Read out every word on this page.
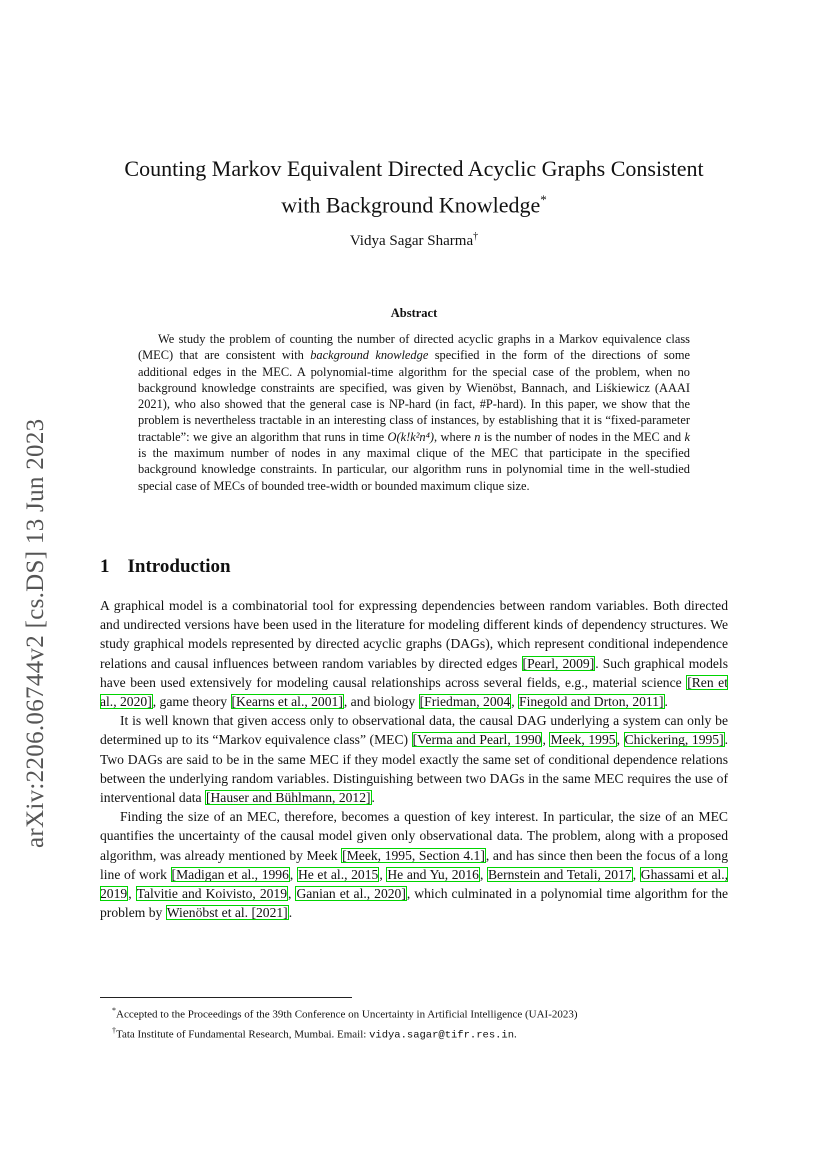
arXiv:2206.06744v2 [cs.DS] 13 Jun 2023
Counting Markov Equivalent Directed Acyclic Graphs Consistent
with Background Knowledge*
Vidya Sagar Sharma†
Abstract

We study the problem of counting the number of directed acyclic graphs in a Markov equivalence class (MEC) that are consistent with background knowledge specified in the form of the directions of some additional edges in the MEC. A polynomial-time algorithm for the special case of the problem, when no background knowledge constraints are specified, was given by Wienöbst, Bannach, and Liśkiewicz (AAAI 2021), who also showed that the general case is NP-hard (in fact, #P-hard). In this paper, we show that the problem is nevertheless tractable in an interesting class of instances, by establishing that it is “fixed-parameter tractable”: we give an algorithm that runs in time O(k!k²n⁴), where n is the number of nodes in the MEC and k is the maximum number of nodes in any maximal clique of the MEC that participate in the specified background knowledge constraints. In particular, our algorithm runs in polynomial time in the well-studied special case of MECs of bounded tree-width or bounded maximum clique size.

1 Introduction

A graphical model is a combinatorial tool for expressing dependencies between random variables. Both directed and undirected versions have been used in the literature for modeling different kinds of dependency structures. We study graphical models represented by directed acyclic graphs (DAGs), which represent conditional independence relations and causal influences between random variables by directed edges [Pearl, 2009]. Such graphical models have been used extensively for modeling causal relationships across several fields, e.g., material science [Ren et al., 2020], game theory [Kearns et al., 2001], and biology [Friedman, 2004, Finegold and Drton, 2011].

It is well known that given access only to observational data, the causal DAG underlying a system can only be determined up to its “Markov equivalence class” (MEC) [Verma and Pearl, 1990, Meek, 1995, Chickering, 1995]. Two DAGs are said to be in the same MEC if they model exactly the same set of conditional dependence relations between the underlying random variables. Distinguishing between two DAGs in the same MEC requires the use of interventional data [Hauser and Bühlmann, 2012].

Finding the size of an MEC, therefore, becomes a question of key interest. In particular, the size of an MEC quantifies the uncertainty of the causal model given only observational data. The problem, along with a proposed algorithm, was already mentioned by Meek [Meek, 1995, Section 4.1], and has since then been the focus of a long line of work [Madigan et al., 1996, He et al., 2015, He and Yu, 2016, Bernstein and Tetali, 2017, Ghassami et al., 2019, Talvitie and Koivisto, 2019, Ganian et al., 2020], which culminated in a polynomial time algorithm for the problem by Wienöbst et al. [2021].

*Accepted to the Proceedings of the 39th Conference on Uncertainty in Artificial Intelligence (UAI-2023)
†Tata Institute of Fundamental Research, Mumbai. Email: vidya.sagar@tifr.res.in.
